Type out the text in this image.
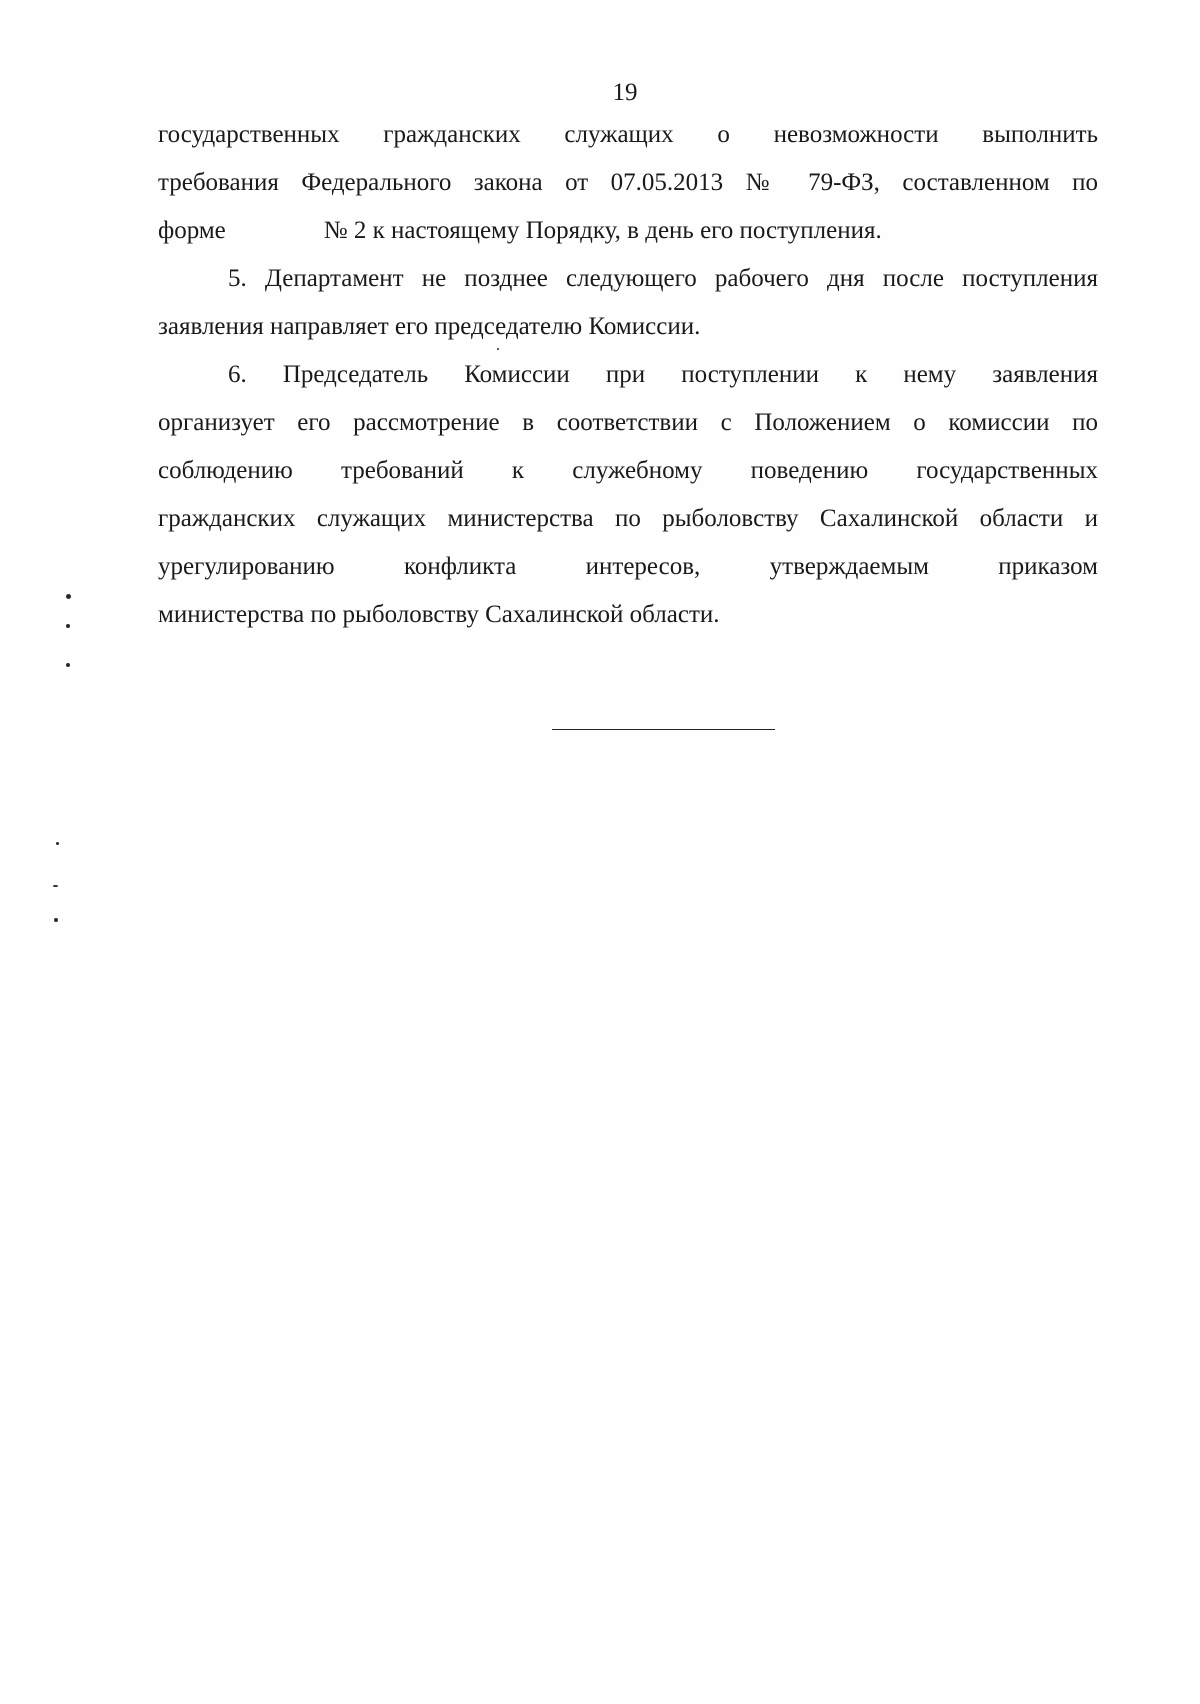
19
государственных гражданских служащих о невозможности выполнить
требования Федерального закона от 07.05.2013 № 79-ФЗ, составленном по
форме	№ 2 к настоящему Порядку, в день его поступления.
5. Департамент не позднее следующего рабочего дня после поступления
заявления направляет его председателю Комиссии.
6. Председатель Комиссии при поступлении к нему заявления
организует его рассмотрение в соответствии с Положением о комиссии по
соблюдению требований к служебному поведению государственных
гражданских служащих министерства по рыболовству Сахалинской области и
урегулированию конфликта интересов, утверждаемым приказом
министерства по рыболовству Сахалинской области.
